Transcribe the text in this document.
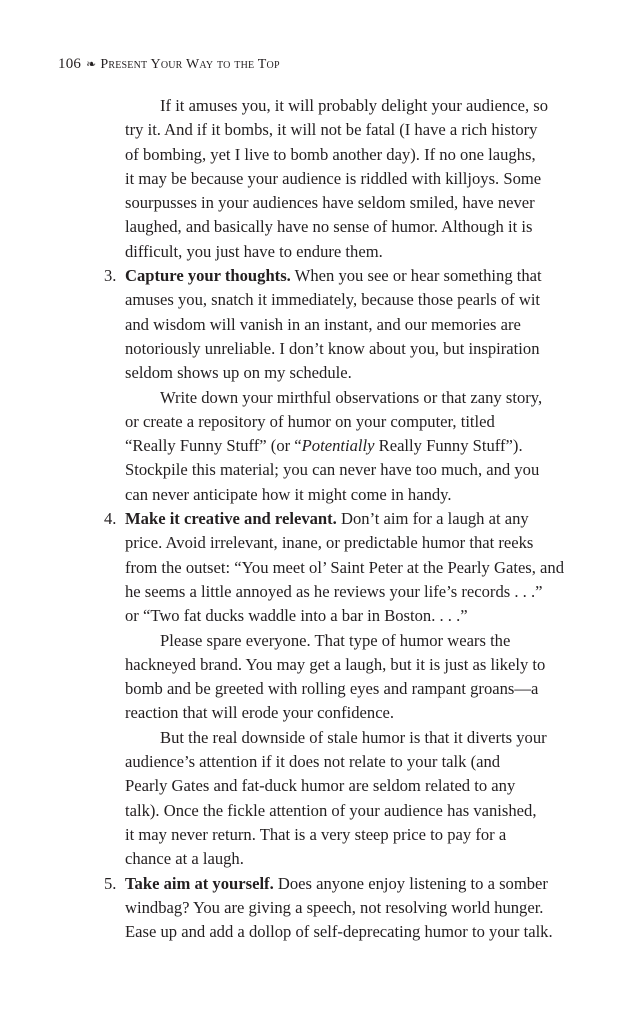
106 ❧ Present Your Way to the Top
If it amuses you, it will probably delight your audience, so
try it. And if it bombs, it will not be fatal (I have a rich history
of bombing, yet I live to bomb another day). If no one laughs,
it may be because your audience is riddled with killjoys. Some
sourpusses in your audiences have seldom smiled, have never
laughed, and basically have no sense of humor. Although it is
difficult, you just have to endure them.
3. Capture your thoughts. When you see or hear something that
amuses you, snatch it immediately, because those pearls of wit
and wisdom will vanish in an instant, and our memories are
notoriously unreliable. I don’t know about you, but inspiration
seldom shows up on my schedule.
Write down your mirthful observations or that zany story,
or create a repository of humor on your computer, titled
“Really Funny Stuff” (or “Potentially Really Funny Stuff”).
Stockpile this material; you can never have too much, and you
can never anticipate how it might come in handy.
4. Make it creative and relevant. Don’t aim for a laugh at any
price. Avoid irrelevant, inane, or predictable humor that reeks
from the outset: “You meet ol’ Saint Peter at the Pearly Gates, and
he seems a little annoyed as he reviews your life’s records . . .”
or “Two fat ducks waddle into a bar in Boston. . . .”
Please spare everyone. That type of humor wears the
hackneyed brand. You may get a laugh, but it is just as likely to
bomb and be greeted with rolling eyes and rampant groans—a
reaction that will erode your confidence.
But the real downside of stale humor is that it diverts your
audience’s attention if it does not relate to your talk (and
Pearly Gates and fat-duck humor are seldom related to any
talk). Once the fickle attention of your audience has vanished,
it may never return. That is a very steep price to pay for a
chance at a laugh.
5. Take aim at yourself. Does anyone enjoy listening to a somber
windbag? You are giving a speech, not resolving world hunger.
Ease up and add a dollop of self-deprecating humor to your talk.
